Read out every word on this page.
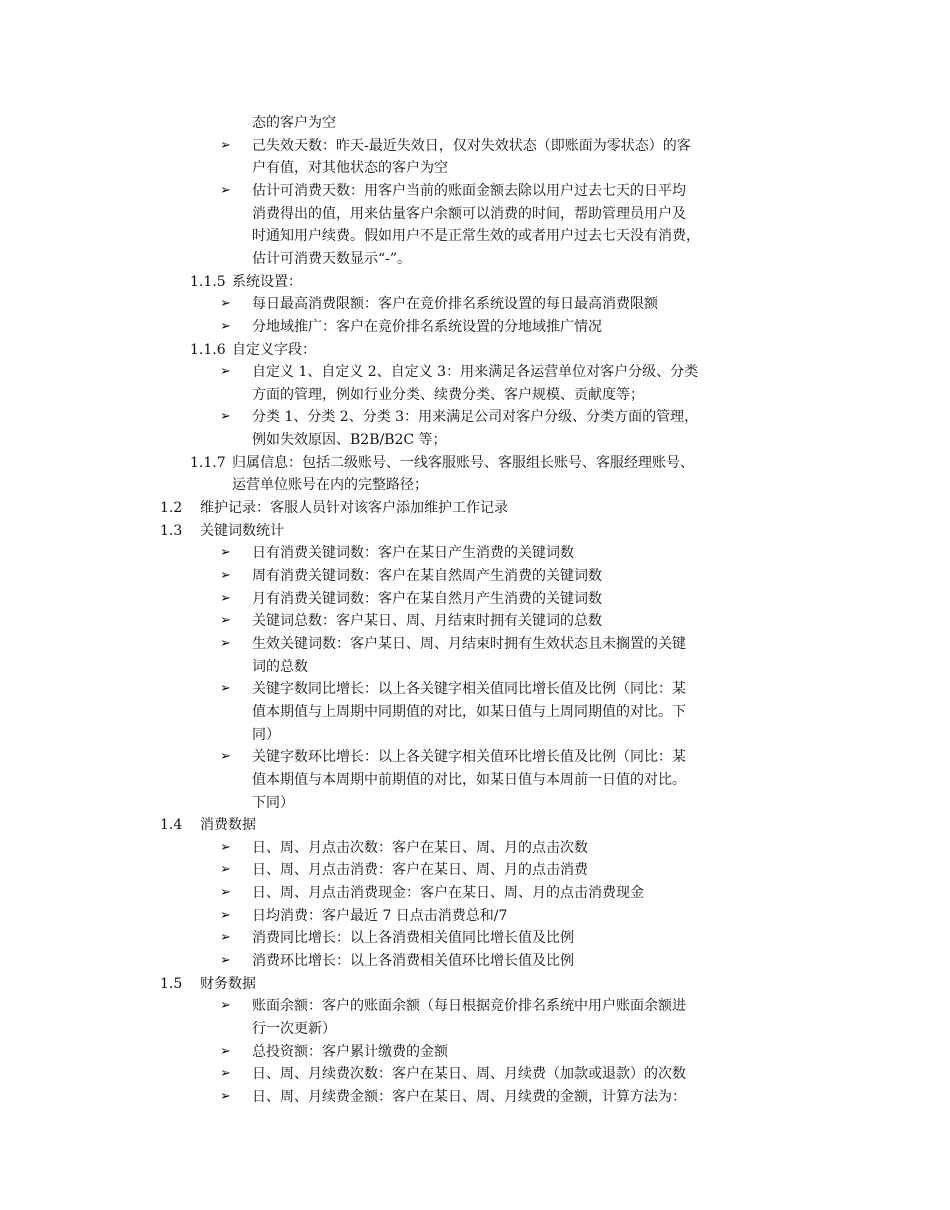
态的客户为空
➢ 己失效天数：昨天-最近失效日，仅对失效状态（即账面为零状态）的客
户有值，对其他状态的客户为空
➢ 估计可消费天数：用客户当前的账面金额去除以用户过去七天的日平均
消费得出的值，用来估量客户余额可以消费的时间，帮助管理员用户及
时通知用户续费。假如用户不是正常生效的或者用户过去七天没有消费，
估计可消费天数显示“-”。
1.1.5 系统设置：
➢ 每日最高消费限额：客户在竞价排名系统设置的每日最高消费限额
➢ 分地域推广：客户在竞价排名系统设置的分地域推广情况
1.1.6 自定义字段：
➢ 自定义 1、自定义 2、自定义 3：用来满足各运营单位对客户分级、分类
方面的管理，例如行业分类、续费分类、客户规模、贡献度等；
➢ 分类 1、分类 2、分类 3：用来满足公司对客户分级、分类方面的管理，
例如失效原因、B2B/B2C 等；
1.1.7 归属信息：包括二级账号、一线客服账号、客服组长账号、客服经理账号、
运营单位账号在内的完整路径；
1.2 维护记录：客服人员针对该客户添加维护工作记录
1.3 关键词数统计
➢ 日有消费关键词数：客户在某日产生消费的关键词数
➢ 周有消费关键词数：客户在某自然周产生消费的关键词数
➢ 月有消费关键词数：客户在某自然月产生消费的关键词数
➢ 关键词总数：客户某日、周、月结束时拥有关键词的总数
➢ 生效关键词数：客户某日、周、月结束时拥有生效状态且未搁置的关键
词的总数
➢ 关键字数同比增长：以上各关键字相关值同比增长值及比例（同比：某
值本期值与上周期中同期值的对比，如某日值与上周同期值的对比。下
同）
➢ 关键字数环比增长：以上各关键字相关值环比增长值及比例（同比：某
值本期值与本周期中前期值的对比，如某日值与本周前一日值的对比。
下同）
1.4 消费数据
➢ 日、周、月点击次数：客户在某日、周、月的点击次数
➢ 日、周、月点击消费：客户在某日、周、月的点击消费
➢ 日、周、月点击消费现金：客户在某日、周、月的点击消费现金
➢ 日均消费：客户最近 7 日点击消费总和/7
➢ 消费同比增长：以上各消费相关值同比增长值及比例
➢ 消费环比增长：以上各消费相关值环比增长值及比例
1.5 财务数据
➢ 账面余额：客户的账面余额（每日根据竞价排名系统中用户账面余额进
行一次更新）
➢ 总投资额：客户累计缴费的金额
➢ 日、周、月续费次数：客户在某日、周、月续费（加款或退款）的次数
➢ 日、周、月续费金额：客户在某日、周、月续费的金额，计算方法为：
